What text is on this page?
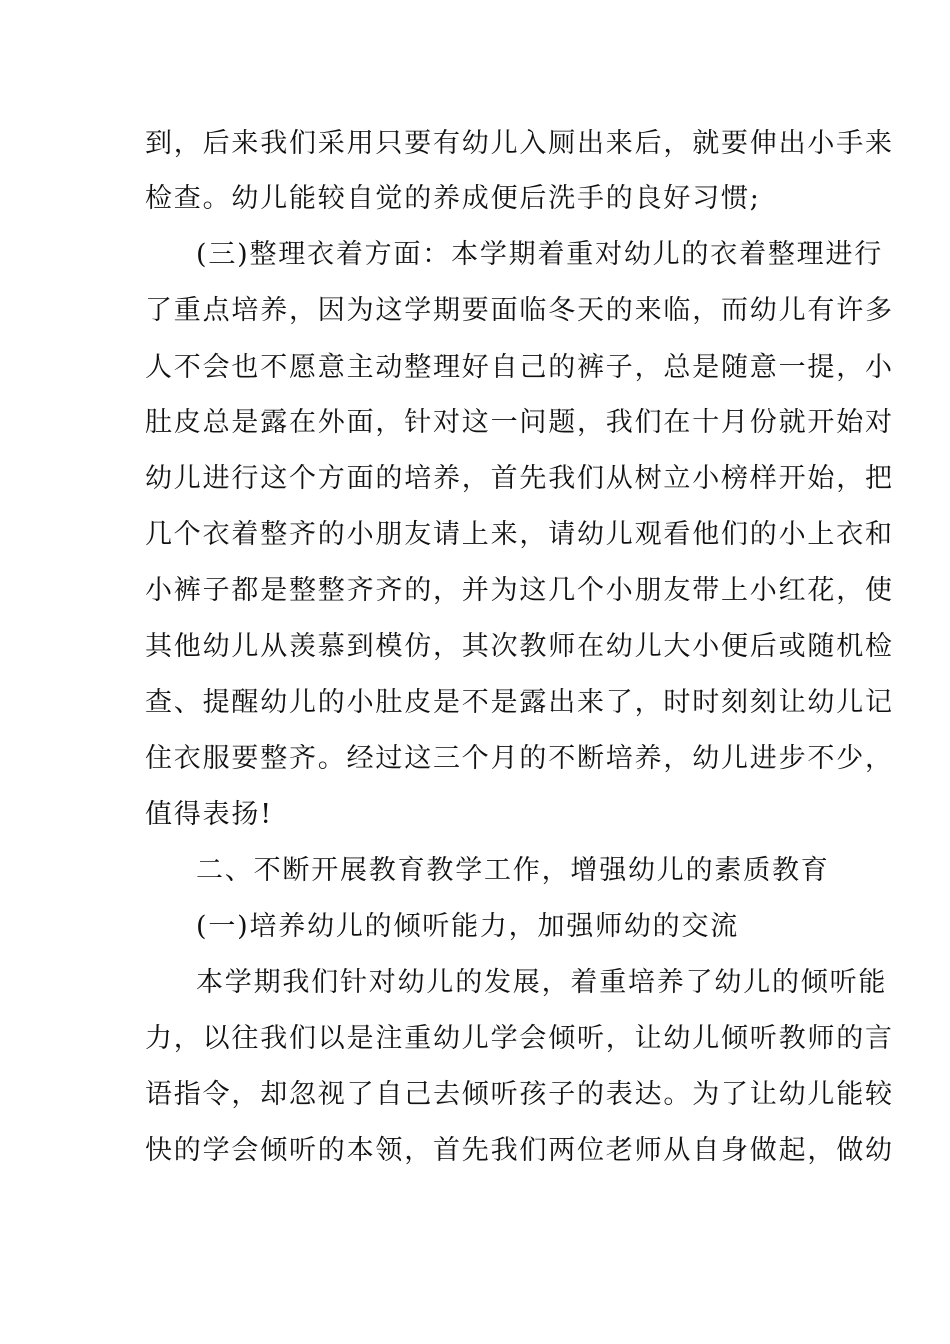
到，后来我们采用只要有幼儿入厕出来后，就要伸出小手来
检查。幼儿能较自觉的养成便后洗手的良好习惯;
(三)整理衣着方面：本学期着重对幼儿的衣着整理进行
了重点培养，因为这学期要面临冬天的来临，而幼儿有许多
人不会也不愿意主动整理好自己的裤子，总是随意一提，小
肚皮总是露在外面，针对这一问题，我们在十月份就开始对
幼儿进行这个方面的培养，首先我们从树立小榜样开始，把
几个衣着整齐的小朋友请上来，请幼儿观看他们的小上衣和
小裤子都是整整齐齐的，并为这几个小朋友带上小红花，使
其他幼儿从羡慕到模仿，其次教师在幼儿大小便后或随机检
查、提醒幼儿的小肚皮是不是露出来了，时时刻刻让幼儿记
住衣服要整齐。经过这三个月的不断培养，幼儿进步不少，
值得表扬!
二、不断开展教育教学工作，增强幼儿的素质教育
(一)培养幼儿的倾听能力，加强师幼的交流
本学期我们针对幼儿的发展，着重培养了幼儿的倾听能
力，以往我们以是注重幼儿学会倾听，让幼儿倾听教师的言
语指令，却忽视了自己去倾听孩子的表达。为了让幼儿能较
快的学会倾听的本领，首先我们两位老师从自身做起，做幼
